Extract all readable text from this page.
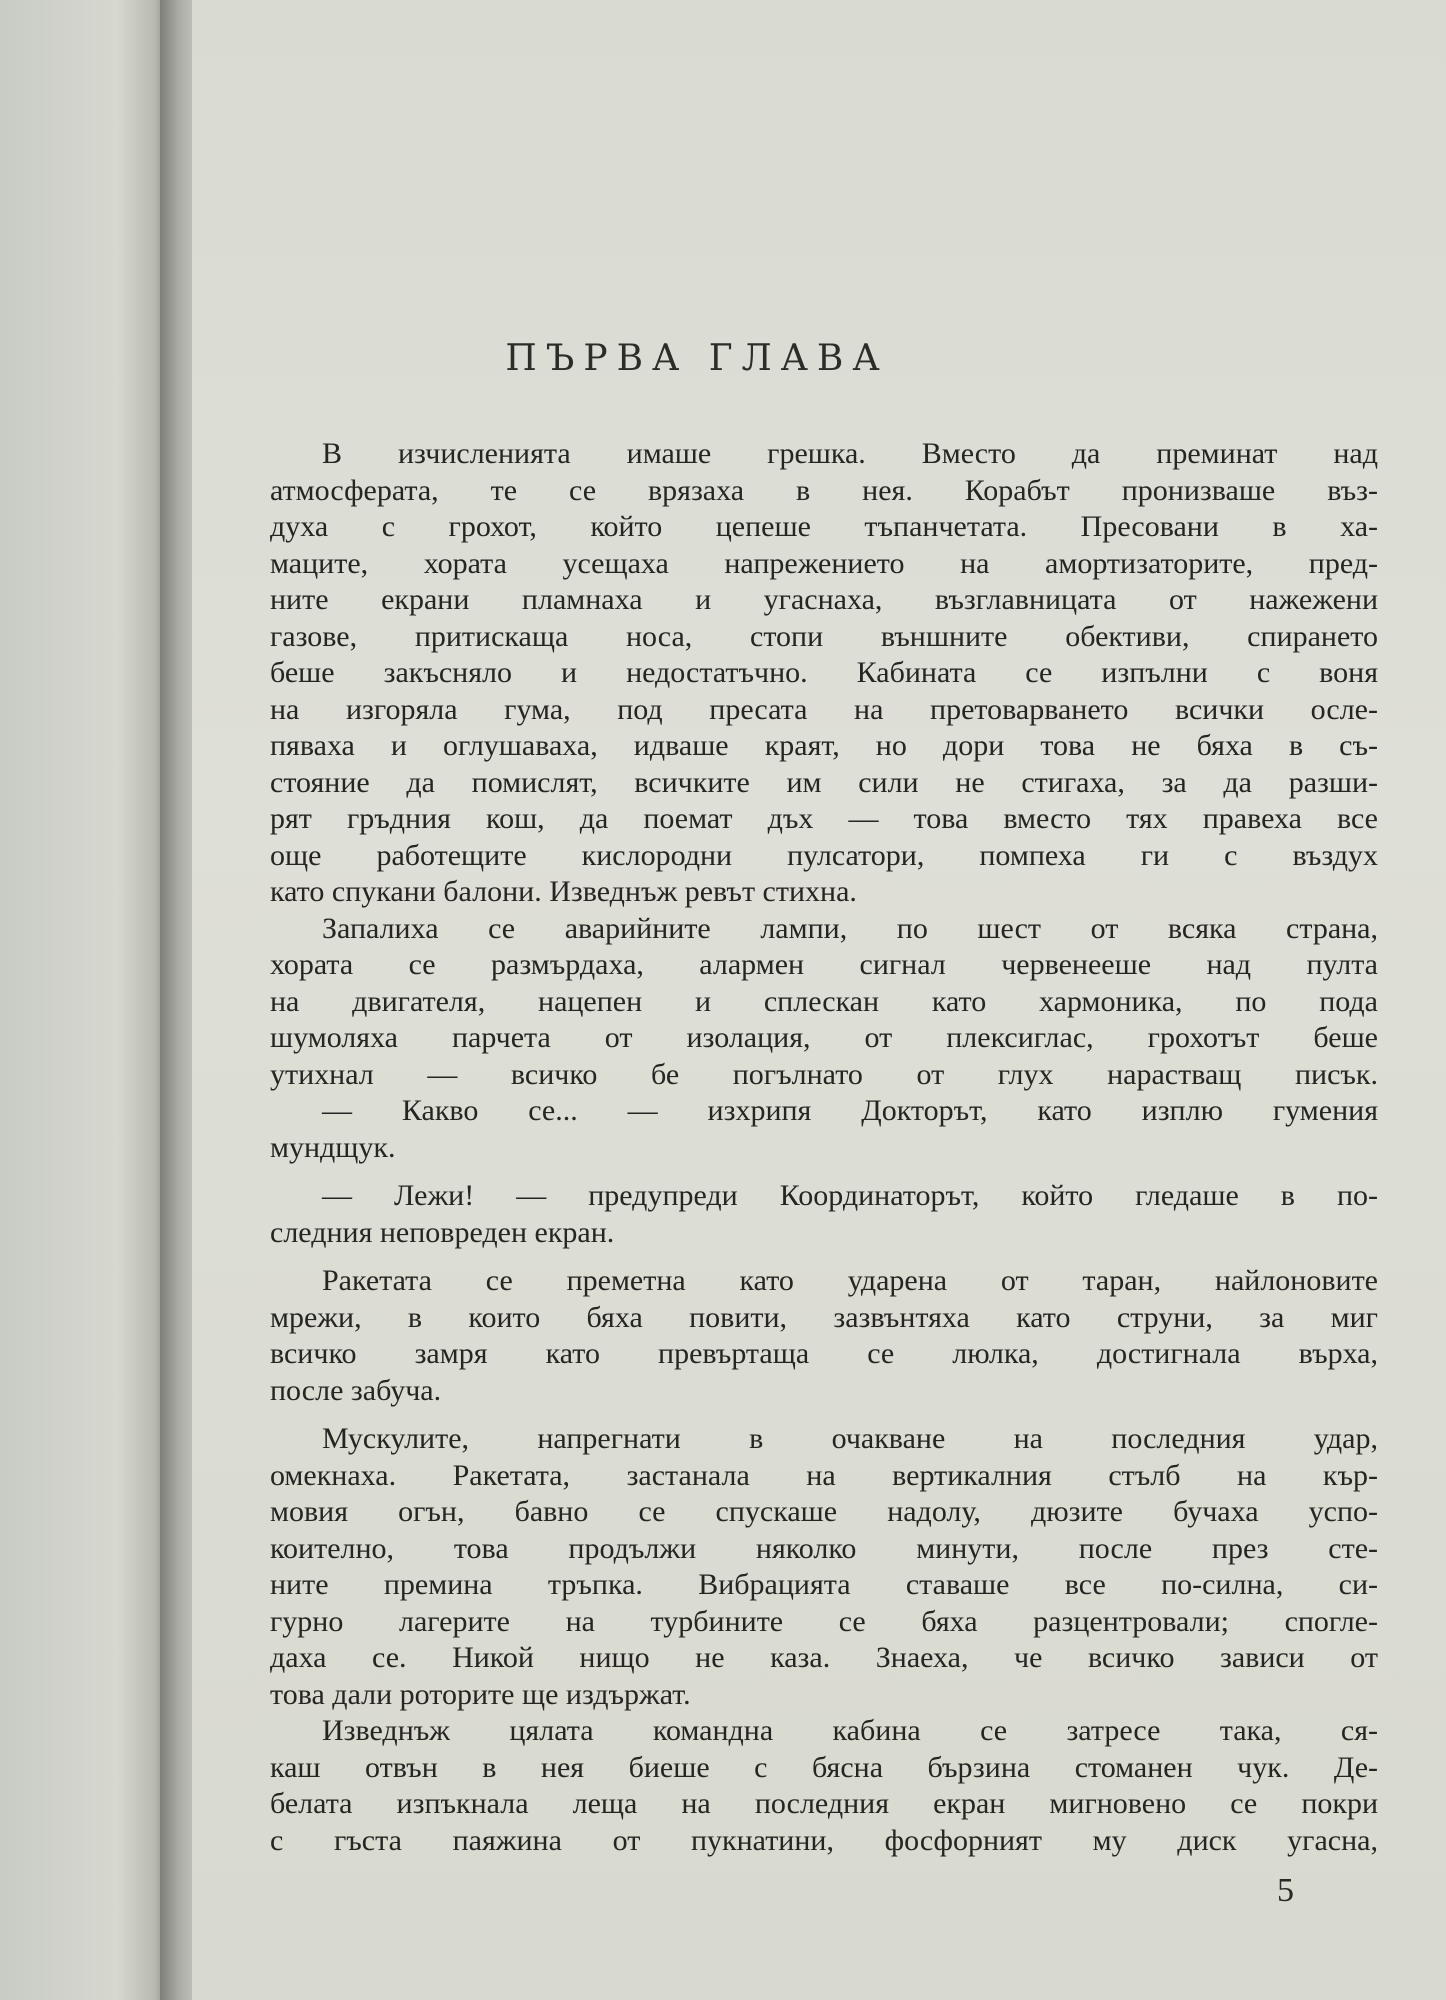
ПЪРВА ГЛАВА
В изчисленията имаше грешка. Вместо да преминат над
атмосферата, те се врязаха в нея. Корабът пронизваше въз-
духа с грохот, който цепеше тъпанчетата. Пресовани в ха-
маците, хората усещаха напрежението на амортизаторите, пред-
ните екрани пламнаха и угаснаха, възглавницата от нажежени
газове, притискаща носа, стопи външните обективи, спирането
беше закъсняло и недостатъчно. Кабината се изпълни с воня
на изгоряла гума, под пресата на претоварването всички осле-
пяваха и оглушаваха, идваше краят, но дори това не бяха в съ-
стояние да помислят, всичките им сили не стигаха, за да разши-
рят гръдния кош, да поемат дъх — това вместо тях правеха все
още работещите кислородни пулсатори, помпеха ги с въздух
като спукани балони. Изведнъж ревът стихна.
Запалиха се аварийните лампи, по шест от всяка страна,
хората се размърдаха, алармен сигнал червенееше над пулта
на двигателя, нацепен и сплескан като хармоника, по пода
шумоляха парчета от изолация, от плексиглас, грохотът беше
утихнал — всичко бе погълнато от глух нарастващ писък.
— Какво се... — изхрипя Докторът, като изплю гумения
мундщук.
— Лежи! — предупреди Координаторът, който гледаше в по-
следния неповреден екран.
Ракетата се преметна като ударена от таран, найлоновите
мрежи, в които бяха повити, зазвънтяха като струни, за миг
всичко замря като превъртаща се люлка, достигнала върха,
после забуча.
Мускулите, напрегнати в очакване на последния удар,
омекнаха. Ракетата, застанала на вертикалния стълб на кър-
мовия огън, бавно се спускаше надолу, дюзите бучаха успо-
коително, това продължи няколко минути, после през сте-
ните премина тръпка. Вибрацията ставаше все по-силна, си-
гурно лагерите на турбините се бяха разцентровали; спогле-
даха се. Никой нищо не каза. Знаеха, че всичко зависи от
това дали роторите ще издържат.
Изведнъж цялата команднa кабина се затресе така, ся-
каш отвън в нея биеше с бясна бързина стоманен чук. Де-
белата изпъкнала леща на последния екран мигновено се покри
с гъста паяжина от пукнатини, фосфорният му диск угасна,
5
